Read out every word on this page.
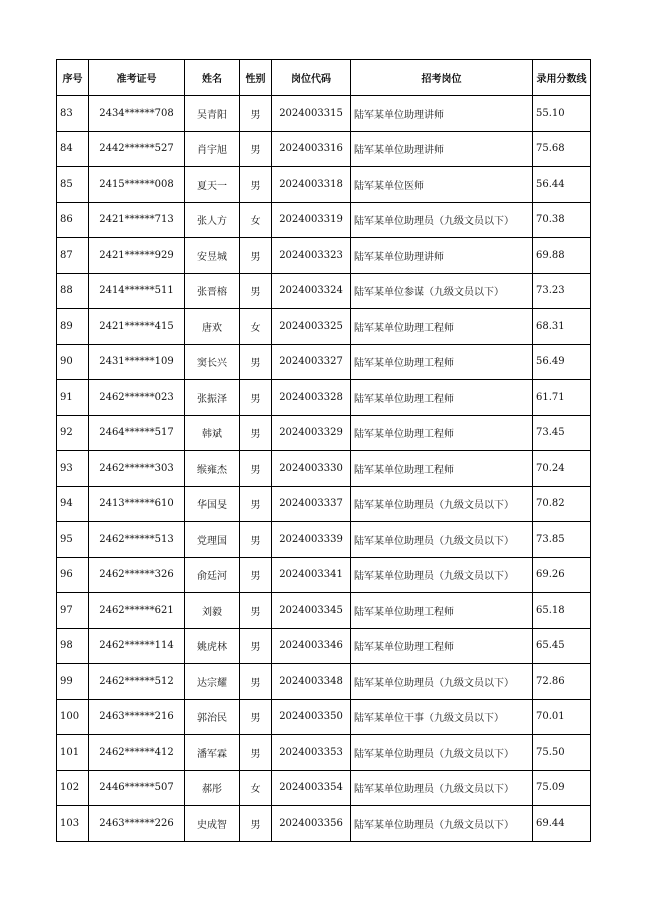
序号	准考证号	姓名	性别	岗位代码	招考岗位	录用分数线
83	2434******708	吴青阳	男	2024003315	陆军某单位助理讲师	55.10
84	2442******527	肖宇旭	男	2024003316	陆军某单位助理讲师	75.68
85	2415******008	夏天一	男	2024003318	陆军某单位医师	56.44
86	2421******713	张人方	女	2024003319	陆军某单位助理员（九级文员以下）	70.38
87	2421******929	安昱城	男	2024003323	陆军某单位助理讲师	69.88
88	2414******511	张晋榕	男	2024003324	陆军某单位参谋（九级文员以下）	73.23
89	2421******415	唐欢	女	2024003325	陆军某单位助理工程师	68.31
90	2431******109	窦长兴	男	2024003327	陆军某单位助理工程师	56.49
91	2462******023	张振泽	男	2024003328	陆军某单位助理工程师	61.71
92	2464******517	韩斌	男	2024003329	陆军某单位助理工程师	73.45
93	2462******303	缑雍杰	男	2024003330	陆军某单位助理工程师	70.24
94	2413******610	华国旻	男	2024003337	陆军某单位助理员（九级文员以下）	70.82
95	2462******513	党理国	男	2024003339	陆军某单位助理员（九级文员以下）	73.85
96	2462******326	俞廷河	男	2024003341	陆军某单位助理员（九级文员以下）	69.26
97	2462******621	刘毅	男	2024003345	陆军某单位助理工程师	65.18
98	2462******114	姚虎林	男	2024003346	陆军某单位助理工程师	65.45
99	2462******512	达宗耀	男	2024003348	陆军某单位助理员（九级文员以下）	72.86
100	2463******216	郭治民	男	2024003350	陆军某单位干事（九级文员以下）	70.01
101	2462******412	潘军霖	男	2024003353	陆军某单位助理员（九级文员以下）	75.50
102	2446******507	郝彤	女	2024003354	陆军某单位助理员（九级文员以下）	75.09
103	2463******226	史成智	男	2024003356	陆军某单位助理员（九级文员以下）	69.44
